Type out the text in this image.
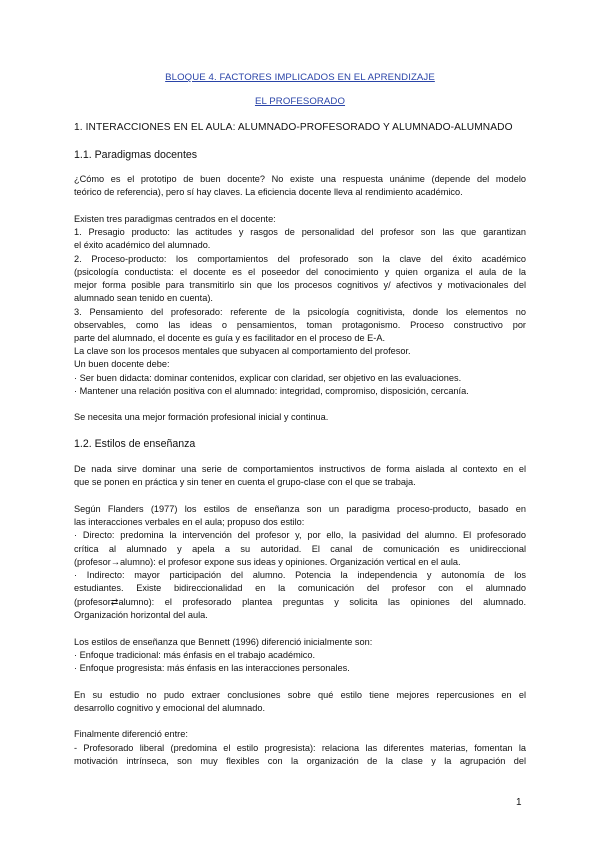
BLOQUE 4. FACTORES IMPLICADOS EN EL APRENDIZAJE
EL PROFESORADO
1. INTERACCIONES EN EL AULA: ALUMNADO-PROFESORADO Y ALUMNADO-ALUMNADO
1.1. Paradigmas docentes
¿Cómo es el prototipo de buen docente? No existe una respuesta unánime (depende del modelo
teórico de referencia), pero sí hay claves. La eficiencia docente lleva al rendimiento académico.
Existen tres paradigmas centrados en el docente:
1. Presagio producto: las actitudes y rasgos de personalidad del profesor son las que garantizan
el éxito académico del alumnado.
2. Proceso-producto: los comportamientos del profesorado son la clave del éxito académico
(psicología conductista: el docente es el poseedor del conocimiento y quien organiza el aula de la
mejor forma posible para transmitirlo sin que los procesos cognitivos y/ afectivos y motivacionales del
alumnado sean tenido en cuenta).
3. Pensamiento del profesorado: referente de la psicología cognitivista, donde los elementos no
observables, como las ideas o pensamientos, toman protagonismo. Proceso constructivo por
parte del alumnado, el docente es guía y es facilitador en el proceso de E-A.
La clave son los procesos mentales que subyacen al comportamiento del profesor.
Un buen docente debe:
· Ser buen didacta: dominar contenidos, explicar con claridad, ser objetivo en las evaluaciones.
· Mantener una relación positiva con el alumnado: integridad, compromiso, disposición, cercanía.
Se necesita una mejor formación profesional inicial y continua.
1.2. Estilos de enseñanza
De nada sirve dominar una serie de comportamientos instructivos de forma aislada al contexto en el
que se ponen en práctica y sin tener en cuenta el grupo-clase con el que se trabaja.
Según Flanders (1977) los estilos de enseñanza son un paradigma proceso-producto, basado en
las interacciones verbales en el aula; propuso dos estilo:
· Directo: predomina la intervención del profesor y, por ello, la pasividad del alumno. El profesorado
crítica al alumnado y apela a su autoridad. El canal de comunicación es unidireccional
(profesor→alumno): el profesor expone sus ideas y opiniones. Organización vertical en el aula.
· Indirecto: mayor participación del alumno. Potencia la independencia y autonomía de los
estudiantes. Existe bidireccionalidad en la comunicación del profesor con el alumnado
(profesor⇄alumno): el profesorado plantea preguntas y solicita las opiniones del alumnado.
Organización horizontal del aula.
Los estilos de enseñanza que Bennett (1996) diferenció inicialmente son:
· Enfoque tradicional: más énfasis en el trabajo académico.
· Enfoque progresista: más énfasis en las interacciones personales.
En su estudio no pudo extraer conclusiones sobre qué estilo tiene mejores repercusiones en el
desarrollo cognitivo y emocional del alumnado.
Finalmente diferenció entre:
- Profesorado liberal (predomina el estilo progresista): relaciona las diferentes materias, fomentan la
motivación intrínseca, son muy flexibles con la organización de la clase y la agrupación del
1
